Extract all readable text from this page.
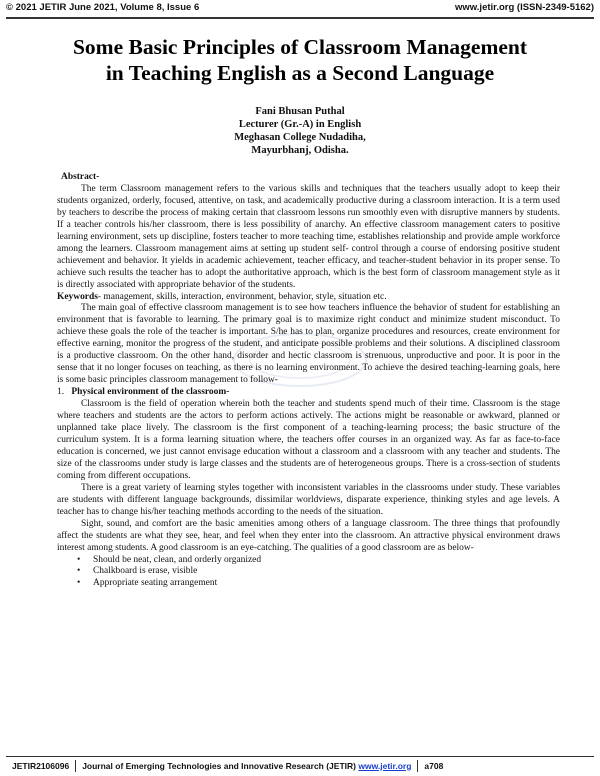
© 2021 JETIR June 2021, Volume 8, Issue 6	www.jetir.org (ISSN-2349-5162)
Some Basic Principles of Classroom Management
in Teaching English as a Second Language
Fani Bhusan Puthal
Lecturer (Gr.-A) in English
Meghasan College Nudadiha,
Mayurbhanj, Odisha.

Abstract-

The term Classroom management refers to the various skills and techniques that the teachers usually adopt to keep their students organized, orderly, focused, attentive, on task, and academically productive during a classroom interaction. It is a term used by teachers to describe the process of making certain that classroom lessons run smoothly even with disruptive manners by students. If a teacher controls his/her classroom, there is less possibility of anarchy. An effective classroom management caters to positive learning environment, sets up discipline, fosters teacher to more teaching time, establishes relationship and provide ample workforce among the learners. Classroom management aims at setting up student self- control through a course of endorsing positive student achievement and behavior. It yields in academic achievement, teacher efficacy, and teacher-student behavior in its proper sense. To achieve such results the teacher has to adopt the authoritative approach, which is the best form of classroom management style as it is directly associated with appropriate behavior of the students.

Keywords- management, skills, interaction, environment, behavior, style, situation etc.

The main goal of effective classroom management is to see how teachers influence the behavior of student for establishing an environment that is favorable to learning. The primary goal is to maximize right conduct and minimize student misconduct. To achieve these goals the role of the teacher is important. S/he has to plan, organize procedures and resources, create environment for effective earning, monitor the progress of the student, and anticipate possible problems and their solutions. A disciplined classroom is a productive classroom. On the other hand, disorder and hectic classroom is strenuous, unproductive and poor. It is poor in the sense that it no longer focuses on teaching, as there is no learning environment. To achieve the desired teaching-learning goals, here is some basic principles classroom management to follow-

1. Physical environment of the classroom-

Classroom is the field of operation wherein both the teacher and students spend much of their time. Classroom is the stage where teachers and students are the actors to perform actions actively. The actions might be reasonable or awkward, planned or unplanned take place lively. The classroom is the first component of a teaching-learning process; the basic structure of the curriculum system. It is a forma learning situation where, the teachers offer courses in an organized way. As far as face-to-face education is concerned, we just cannot envisage education without a classroom and a classroom with any teacher and students. The size of the classrooms under study is large classes and the students are of heterogeneous groups. There is a cross-section of students coming from different occupations.

There is a great variety of learning styles together with inconsistent variables in the classrooms under study. These variables are students with different language backgrounds, dissimilar worldviews, disparate experience, thinking styles and age levels. A teacher has to change his/her teaching methods according to the needs of the situation.

Sight, sound, and comfort are the basic amenities among others of a language classroom. The three things that profoundly affect the students are what they see, hear, and feel when they enter into the classroom. An attractive physical environment draws interest among students. A good classroom is an eye-catching. The qualities of a good classroom are as below-

• Should be neat, clean, and orderly organized
• Chalkboard is erase, visible
• Appropriate seating arrangement
JETIR2106096	Journal of Emerging Technologies and Innovative Research (JETIR) www.jetir.org	a708
